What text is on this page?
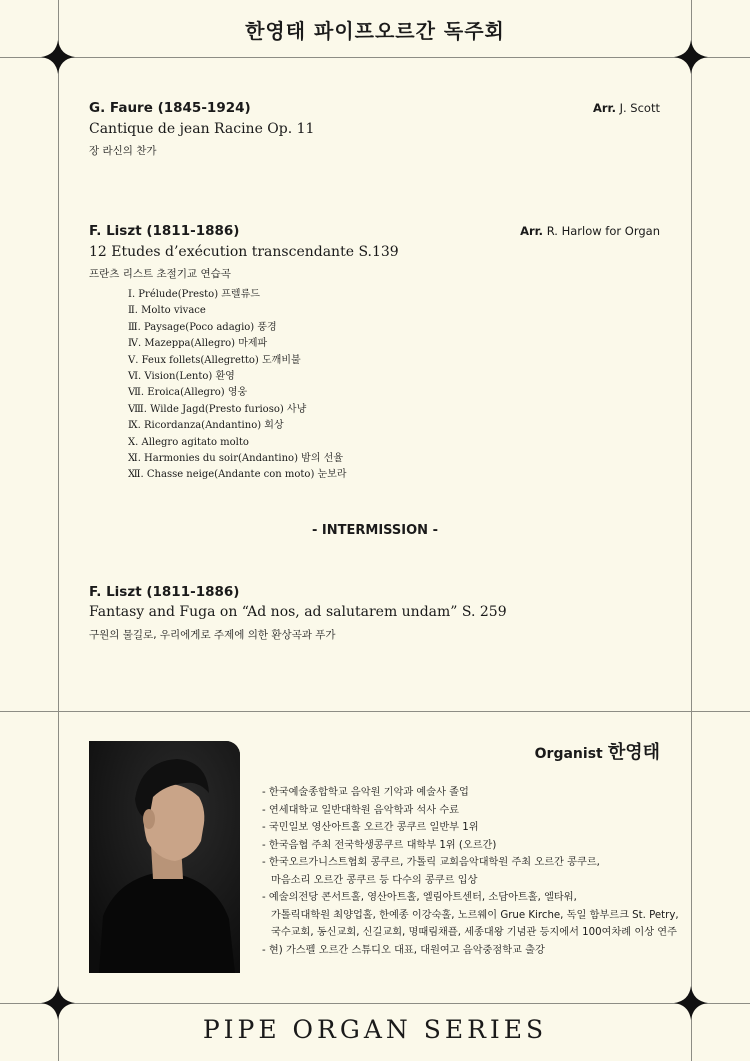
한영태 파이프오르간 독주회
G. Faure (1845-1924)	Arr. J. Scott
Cantique de jean Racine Op. 11
장 라신의 찬가
F. Liszt (1811-1886)	Arr. R. Harlow for Organ
12 Etudes d’exécution transcendante S.139
프란츠 리스트 초절기교 연습곡
Ⅰ. Prélude(Presto) 프렐류드
Ⅱ. Molto vivace
Ⅲ. Paysage(Poco adagio) 풍경
Ⅳ. Mazeppa(Allegro) 마제파
Ⅴ. Feux follets(Allegretto) 도깨비불
Ⅵ. Vision(Lento) 환영
Ⅶ. Eroica(Allegro) 영웅
Ⅷ. Wilde Jagd(Presto furioso) 사냥
Ⅸ. Ricordanza(Andantino) 회상
Ⅹ. Allegro agitato molto
Ⅺ. Harmonies du soir(Andantino) 밤의 선율
Ⅻ. Chasse neige(Andante con moto) 눈보라
- INTERMISSION -
F. Liszt (1811-1886)
Fantasy and Fuga on “Ad nos, ad salutarem undam” S. 259
구원의 물길로, 우리에게로 주제에 의한 환상곡과 푸가
Organist 한영태
- 한국예술종합학교 음악원 기악과 예술사 졸업
- 연세대학교 일반대학원 음악학과 석사 수료
- 국민일보 영산아트홀 오르간 콩쿠르 일반부 1위
- 한국음협 주최 전국학생콩쿠르 대학부 1위 (오르간)
- 한국오르가니스트협회 콩쿠르, 가톨릭 교회음악대학원 주최 오르간 콩쿠르,
마음소리 오르간 콩쿠르 등 다수의 콩쿠르 입상
- 예술의전당 콘서트홀, 영산아트홀, 엘림아트센터, 소담아트홀, 엘타워,
가톨릭대학원 최양업홀, 한예종 이강숙홀, 노르웨이 Grue Kirche, 독일 함부르크 St. Petry,
국수교회, 동신교회, 신길교회, 명때림채플, 세종대왕 기념관 등지에서 100여차례 이상 연주
- 현) 가스펠 오르간 스튜디오 대표, 대원여고 음악중점학교 출강
PIPE ORGAN SERIES
